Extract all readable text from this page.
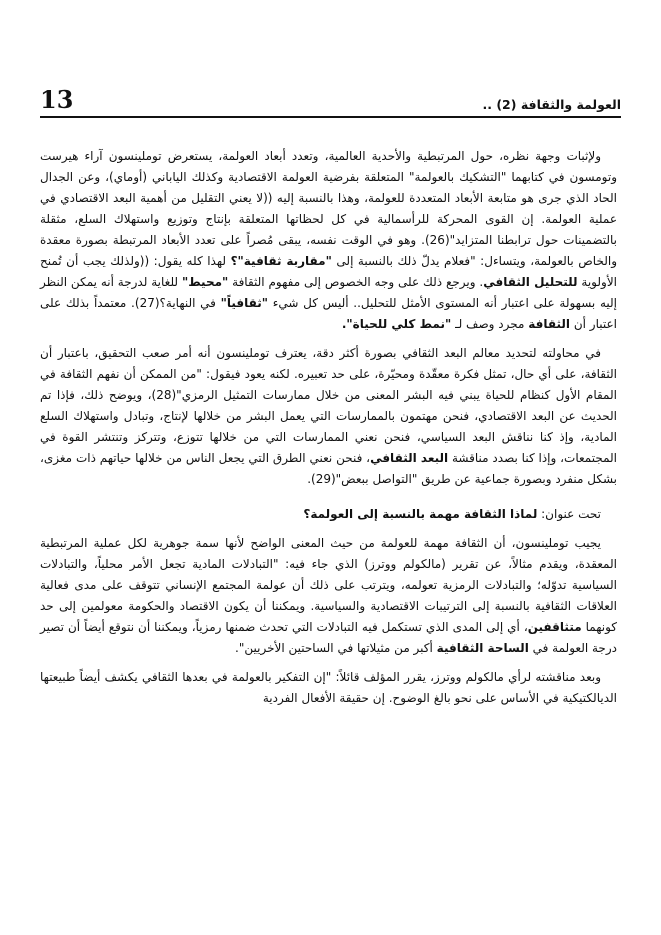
13	العولمة والثقافة (2) ..

ولإثبات وجهة نظره، حول المرتبطية والأحدية العالمية، وتعدد أبعاد العولمة، يستعرض توملينسون آراء هيرست وتومسون في كتابهما "التشكيك بالعولمة" المتعلقة بفرضية العولمة الاقتصادية وكذلك الياباني (أوماي)، وعن الجدال الحاد الذي جرى هو متابعة الأبعاد المتعددة للعولمة، وهذا بالنسبة إليه ((لا يعني التقليل من أهمية البعد الاقتصادي في عملية العولمة. إن القوى المحركة للرأسمالية في كل لحظاتها المتعلقة بإنتاج وتوزيع واستهلاك السلع، مثقلة بالتضمينات حول ترابطنا المتزايد"(26). وهو في الوقت نفسه، يبقى مُصراً على تعدد الأبعاد المرتبطة بصورة معقدة والخاص بالعولمة، ويتساءل: "فعلام يدلّ ذلك بالنسبة إلى "مقاربة ثقافية"؟ لهذا كله يقول: ((ولذلك يجب أن تُمنح الأولوية للتحليل الثقافي. ويرجع ذلك على وجه الخصوص إلى مفهوم الثقافة "محيط" للغاية لدرجة أنه يمكن النظر إليه بسهولة على اعتبار أنه المستوى الأمثل للتحليل.. أليس كل شيء "ثقافياً" في النهاية؟(27). معتمداً بذلك على اعتبار أن الثقافة مجرد وصف لـ "نمط كلي للحياة".

في محاولته لتحديد معالم البعد الثقافي بصورة أكثر دقة، يعترف توملينسون أنه أمر صعب التحقيق، باعتبار أن الثقافة، على أي حال، تمثل فكرة معقّدة ومحيّرة، على حد تعبيره. لكنه يعود فيقول: "من الممكن أن نفهم الثقافة في المقام الأول كنظام للحياة يبني فيه البشر المعنى من خلال ممارسات التمثيل الرمزي"(28)، ويوضح ذلك، فإذا تم الحديث عن البعد الاقتصادي، فنحن مهتمون بالممارسات التي يعمل البشر من خلالها لإنتاج، وتبادل واستهلاك السلع المادية، وإذ كنا نناقش البعد السياسي، فنحن نعني الممارسات التي من خلالها تتوزع، وتتركز وتنتشر القوة في المجتمعات، وإذا كنا بصدد مناقشة البعد الثقافي، فنحن نعني الطرق التي يجعل الناس من خلالها حياتهم ذات مغزى، بشكل منفرد وبصورة جماعية عن طريق "التواصل ببعض"(29).

تحت عنوان: لماذا الثقافة مهمة بالنسبة إلى العولمة؟

يجيب توملينسون، أن الثقافة مهمة للعولمة من حيث المعنى الواضح لأنها سمة جوهرية لكل عملية المرتبطية المعقدة، ويقدم مثالاً، عن تقرير (مالكولم ووترز) الذي جاء فيه: "التبادلات المادية تجعل الأمر محلياً، والتبادلات السياسية تدوّله؛ والتبادلات الرمزية تعولمه، ويترتب على ذلك أن عولمة المجتمع الإنساني تتوقف على مدى فعالية العلاقات الثقافية بالنسبة إلى الترتيبات الاقتصادية والسياسية. ويمكننا أن يكون الاقتصاد والحكومة معولمين إلى حد كونهما متثاقفين، أي إلى المدى الذي تستكمل فيه التبادلات التي تحدث ضمنها رمزياً، ويمكننا أن نتوقع أيضاً أن تصير درجة العولمة في الساحة الثقافية أكبر من مثيلاتها في الساحتين الأخريين".

وبعد مناقشته لرأي مالكولم ووترز، يقرر المؤلف قائلاً: "إن التفكير بالعولمة في بعدها الثقافي يكشف أيضاً طبيعتها الديالكتيكية في الأساس على نحو بالغ الوضوح. إن حقيقة الأفعال الفردية
